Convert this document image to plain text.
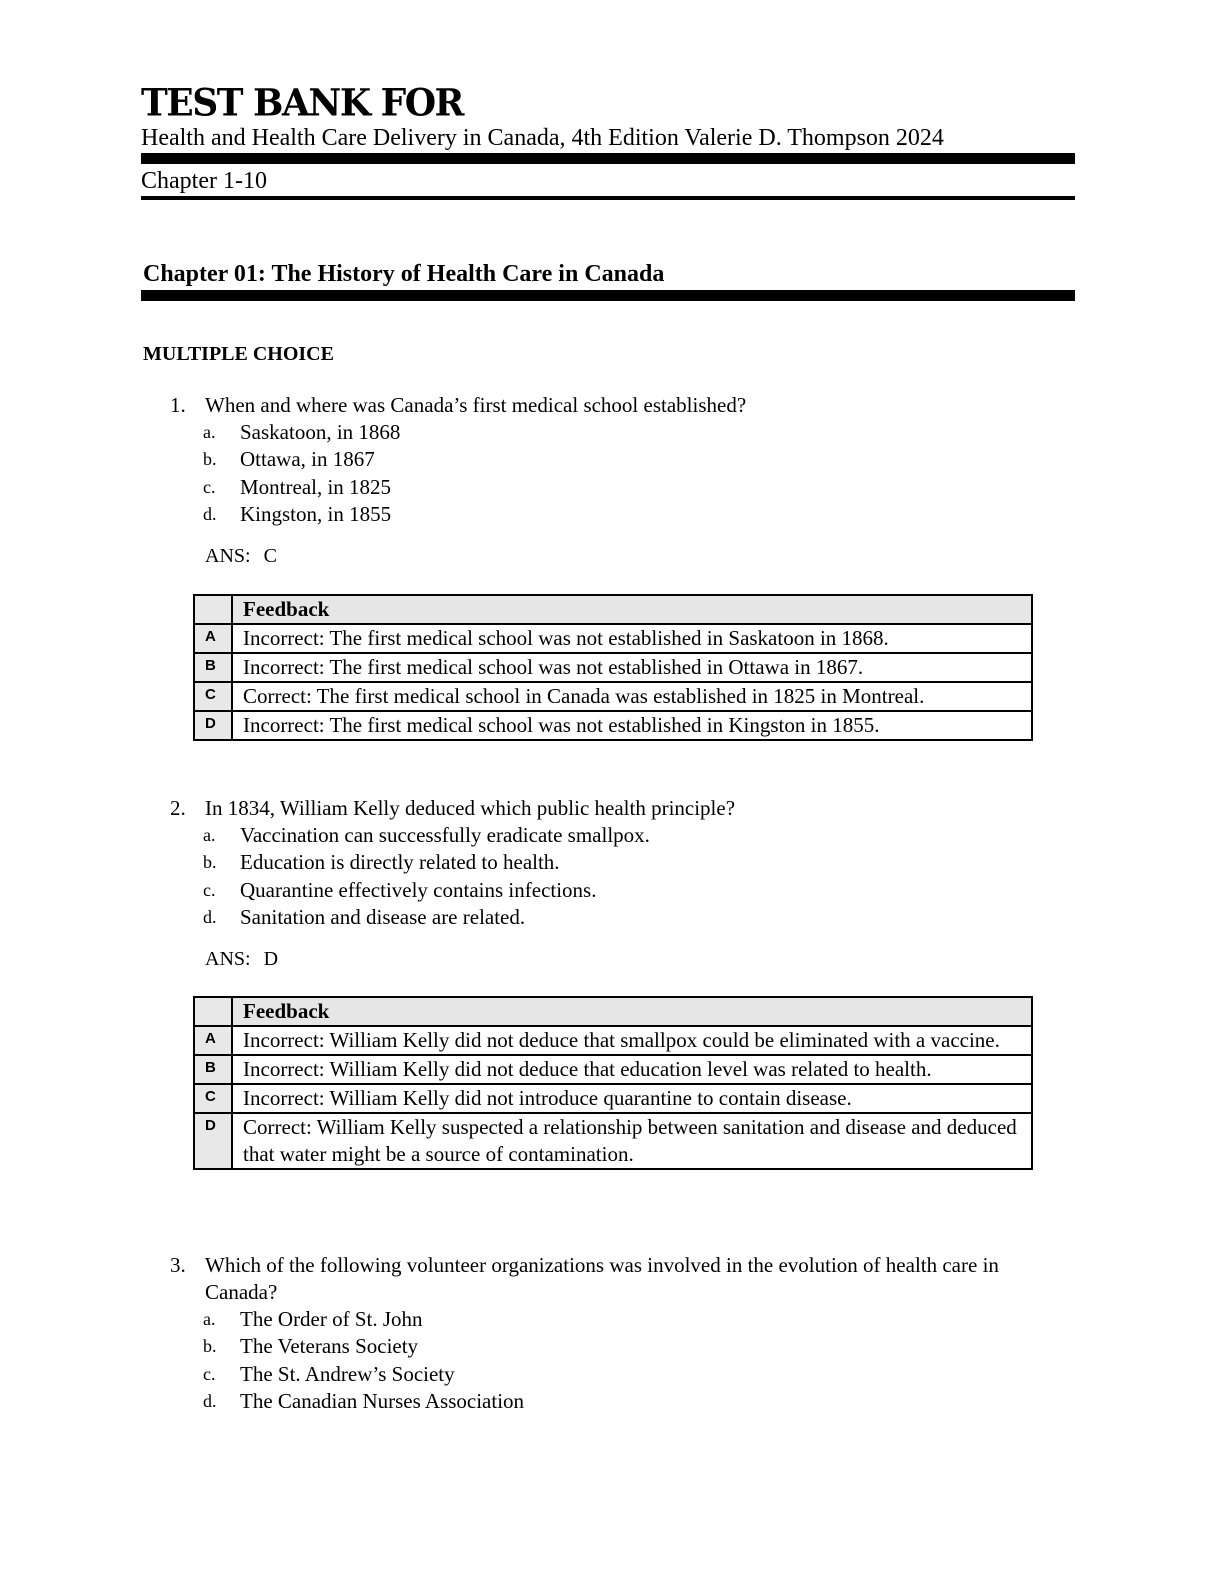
TEST BANK FOR
Health and Health Care Delivery in Canada, 4th Edition Valerie D. Thompson 2024
Chapter 1-10
Chapter 01: The History of Health Care in Canada
MULTIPLE CHOICE
1. When and where was Canada’s first medical school established?
a. Saskatoon, in 1868
b. Ottawa, in 1867
c. Montreal, in 1825
d. Kingston, in 1855
ANS: C
	Feedback
A	Incorrect: The first medical school was not established in Saskatoon in 1868.
B	Incorrect: The first medical school was not established in Ottawa in 1867.
C	Correct: The first medical school in Canada was established in 1825 in Montreal.
D	Incorrect: The first medical school was not established in Kingston in 1855.
2. In 1834, William Kelly deduced which public health principle?
a. Vaccination can successfully eradicate smallpox.
b. Education is directly related to health.
c. Quarantine effectively contains infections.
d. Sanitation and disease are related.
ANS: D
	Feedback
A	Incorrect: William Kelly did not deduce that smallpox could be eliminated with a vaccine.
B	Incorrect: William Kelly did not deduce that education level was related to health.
C	Incorrect: William Kelly did not introduce quarantine to contain disease.
D	Correct: William Kelly suspected a relationship between sanitation and disease and deduced that water might be a source of contamination.
3. Which of the following volunteer organizations was involved in the evolution of health care in Canada?
a. The Order of St. John
b. The Veterans Society
c. The St. Andrew’s Society
d. The Canadian Nurses Association
